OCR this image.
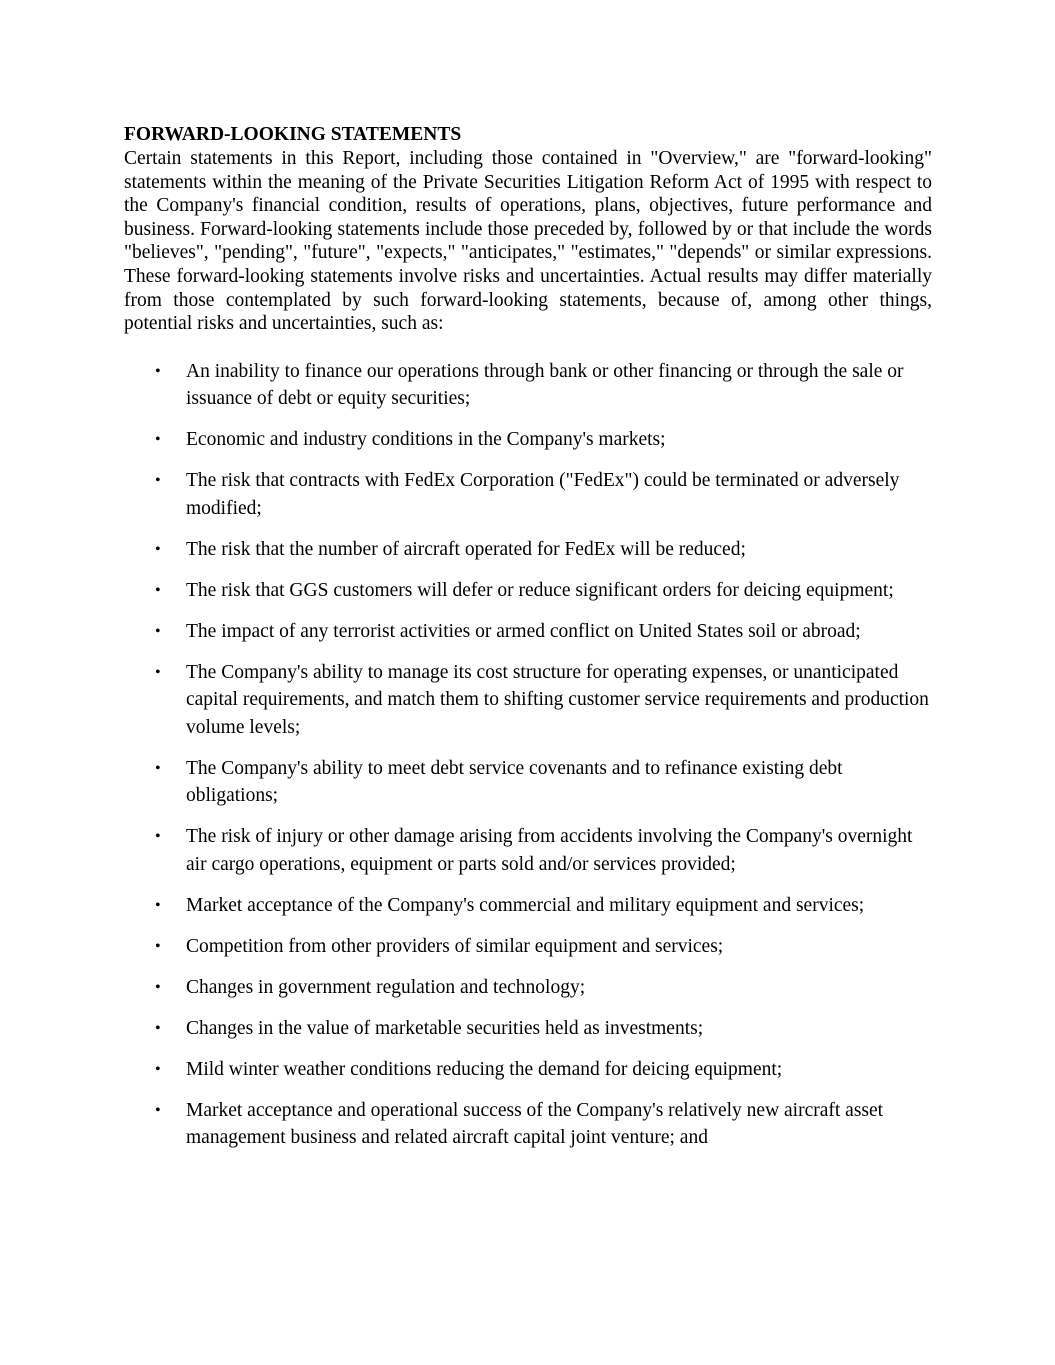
FORWARD-LOOKING STATEMENTS

Certain statements in this Report, including those contained in "Overview," are "forward-looking" statements within the meaning of the Private Securities Litigation Reform Act of 1995 with respect to the Company's financial condition, results of operations, plans, objectives, future performance and business. Forward-looking statements include those preceded by, followed by or that include the words "believes", "pending", "future", "expects," "anticipates," "estimates," "depends" or similar expressions. These forward-looking statements involve risks and uncertainties. Actual results may differ materially from those contemplated by such forward-looking statements, because of, among other things, potential risks and uncertainties, such as:

• An inability to finance our operations through bank or other financing or through the sale or issuance of debt or equity securities;
• Economic and industry conditions in the Company's markets;
• The risk that contracts with FedEx Corporation ("FedEx") could be terminated or adversely modified;
• The risk that the number of aircraft operated for FedEx will be reduced;
• The risk that GGS customers will defer or reduce significant orders for deicing equipment;
• The impact of any terrorist activities or armed conflict on United States soil or abroad;
• The Company's ability to manage its cost structure for operating expenses, or unanticipated capital requirements, and match them to shifting customer service requirements and production volume levels;
• The Company's ability to meet debt service covenants and to refinance existing debt obligations;
• The risk of injury or other damage arising from accidents involving the Company's overnight air cargo operations, equipment or parts sold and/or services provided;
• Market acceptance of the Company's commercial and military equipment and services;
• Competition from other providers of similar equipment and services;
• Changes in government regulation and technology;
• Changes in the value of marketable securities held as investments;
• Mild winter weather conditions reducing the demand for deicing equipment;
• Market acceptance and operational success of the Company's relatively new aircraft asset management business and related aircraft capital joint venture; and
